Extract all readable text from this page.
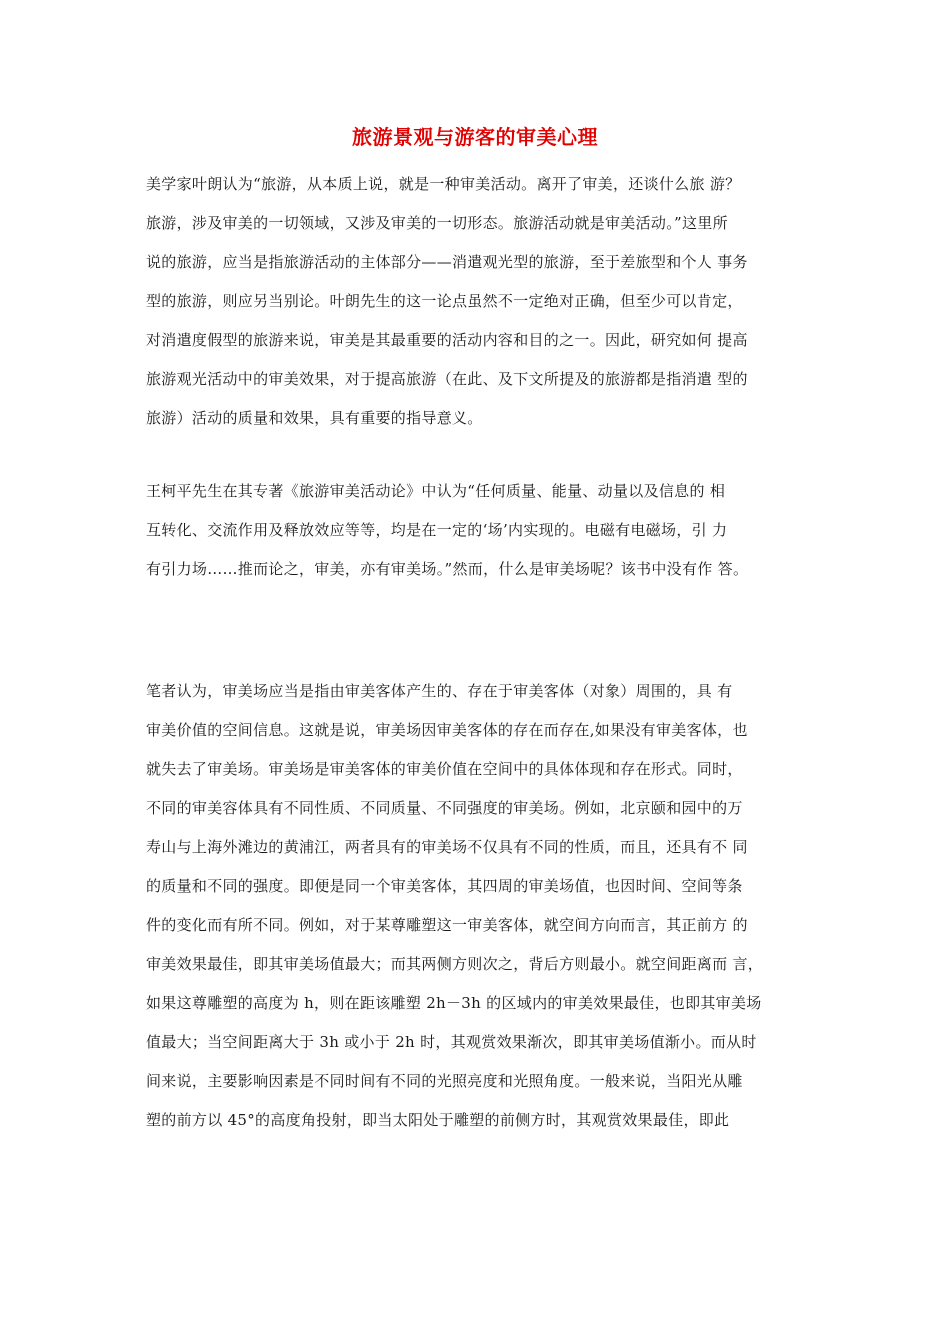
旅游景观与游客的审美心理
美学家叶朗认为“旅游，从本质上说，就是一种审美活动。离开了审美，还谈什么旅 游？
旅游，涉及审美的一切领域，又涉及审美的一切形态。旅游活动就是审美活动。”这里所
说的旅游，应当是指旅游活动的主体部分——消遣观光型的旅游，至于差旅型和个人 事务
型的旅游，则应另当别论。叶朗先生的这一论点虽然不一定绝对正确，但至少可以肯定，
对消遣度假型的旅游来说，审美是其最重要的活动内容和目的之一。因此，研究如何 提高
旅游观光活动中的审美效果，对于提高旅游（在此、及下文所提及的旅游都是指消遣 型的
旅游）活动的质量和效果，具有重要的指导意义。
王柯平先生在其专著《旅游审美活动论》中认为“任何质量、能量、动量以及信息的 相
互转化、交流作用及释放效应等等，均是在一定的‘场’内实现的。电磁有电磁场，引 力
有引力场……推而论之，审美，亦有审美场。”然而，什么是审美场呢？该书中没有作 答。
笔者认为，审美场应当是指由审美客体产生的、存在于审美客体（对象）周围的，具 有
审美价值的空间信息。这就是说，审美场因审美客体的存在而存在,如果没有审美客体，也
就失去了审美场。审美场是审美客体的审美价值在空间中的具体体现和存在形式。同时，
不同的审美容体具有不同性质、不同质量、不同强度的审美场。例如，北京颐和园中的万
寿山与上海外滩边的黄浦江，两者具有的审美场不仅具有不同的性质，而且，还具有不 同
的质量和不同的强度。即便是同一个审美客体，其四周的审美场值，也因时间、空间等条
件的变化而有所不同。例如，对于某尊雕塑这一审美客体，就空间方向而言，其正前方 的
审美效果最佳，即其审美场值最大；而其两侧方则次之，背后方则最小。就空间距离而 言，
如果这尊雕塑的高度为 h，则在距该雕塑 2h－3h 的区域内的审美效果最佳，也即其审美场
值最大；当空间距离大于 3h 或小于 2h 时，其观赏效果渐次，即其审美场值渐小。而从时
间来说，主要影响因素是不同时间有不同的光照亮度和光照角度。一般来说，当阳光从雕
塑的前方以 45°的高度角投射，即当太阳处于雕塑的前侧方时，其观赏效果最佳，即此
